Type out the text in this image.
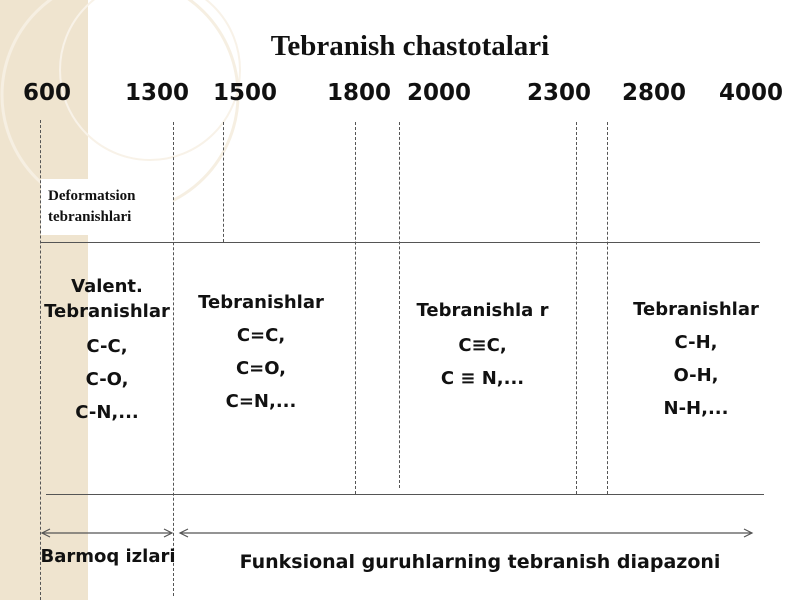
Tebranish chastotalari
600 1300 1500 1800 2000 2300 2800 4000
Deformatsion tebranishlari
Valent. Tebranishlar
C-C,
C-O,
C-N,...
Tebranishlar
C=C,
C=O,
C=N,...
Tebranishla r
C≡C,
C ≡ N,...
Tebranishlar
C-H,
O-H,
N-H,...
Barmoq izlari	Funksional guruhlarning tebranish diapazoni
